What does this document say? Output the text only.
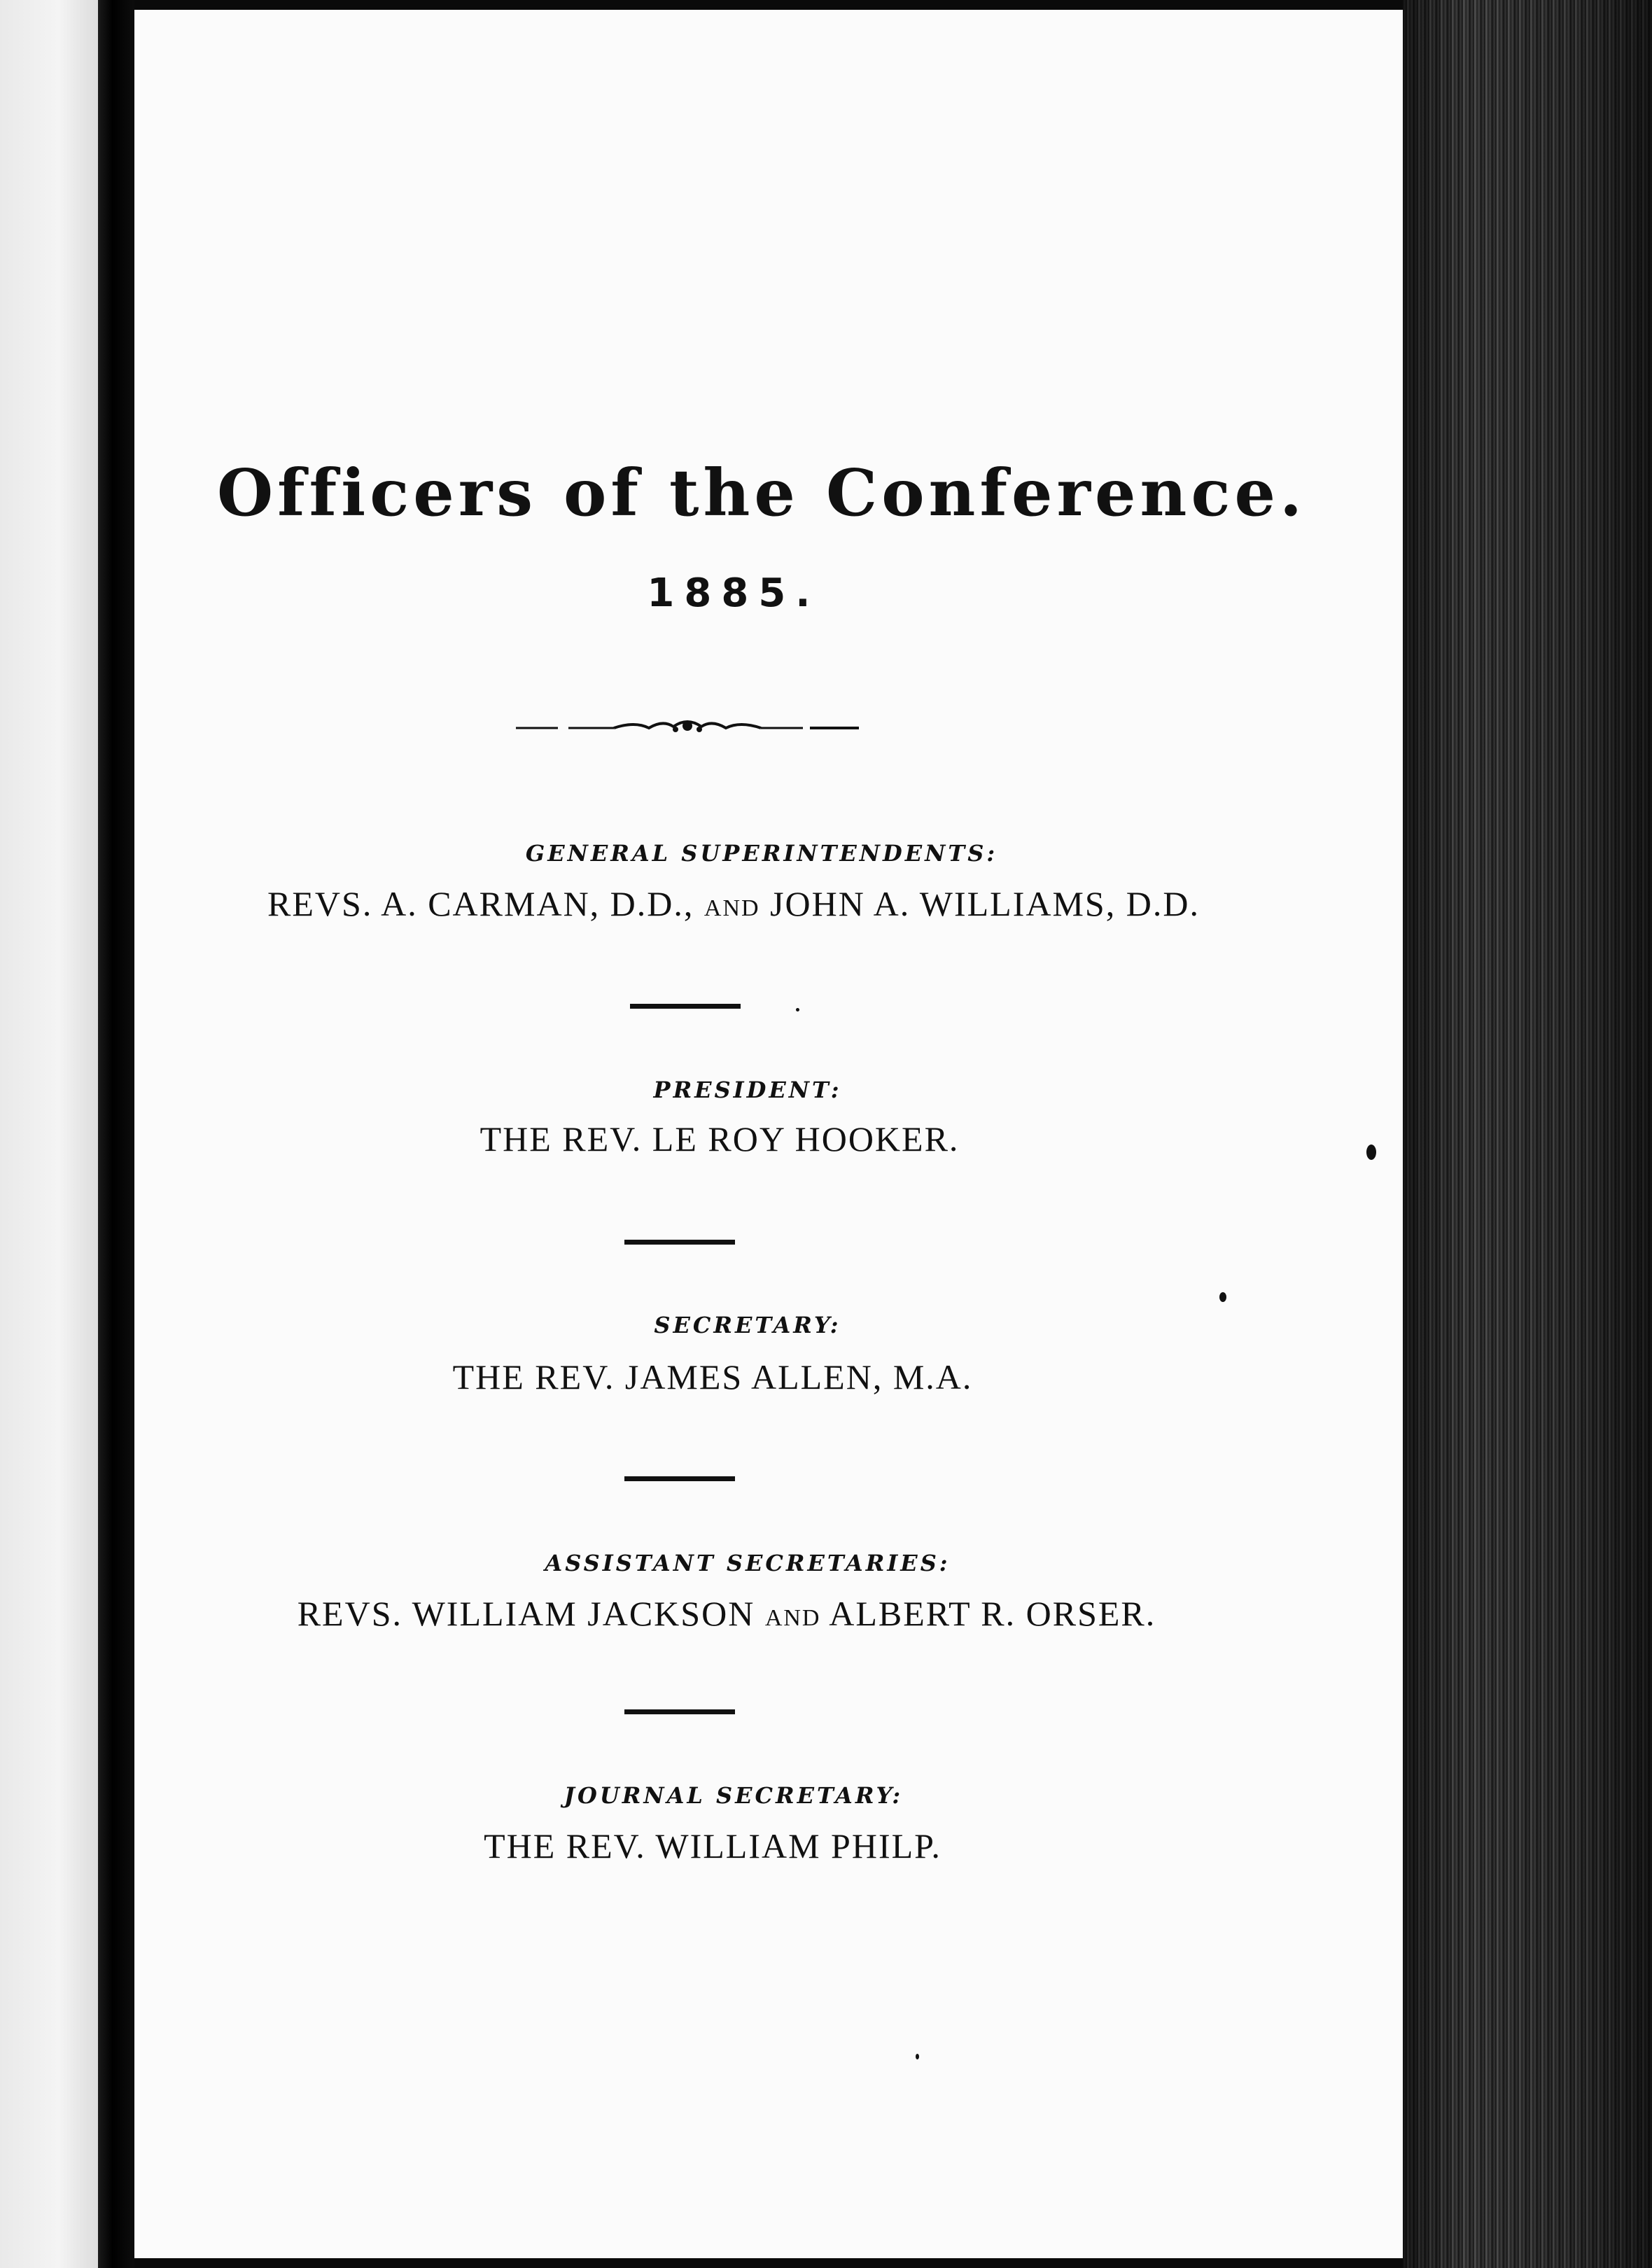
Officers of the Conference.
1885.
GENERAL SUPERINTENDENTS:
REVS. A. CARMAN, D.D., AND JOHN A. WILLIAMS, D.D.
PRESIDENT:
THE REV. LE ROY HOOKER.
SECRETARY:
THE REV. JAMES ALLEN, M.A.
ASSISTANT SECRETARIES:
REVS. WILLIAM JACKSON AND ALBERT R. ORSER.
JOURNAL SECRETARY:
THE REV. WILLIAM PHILP.
